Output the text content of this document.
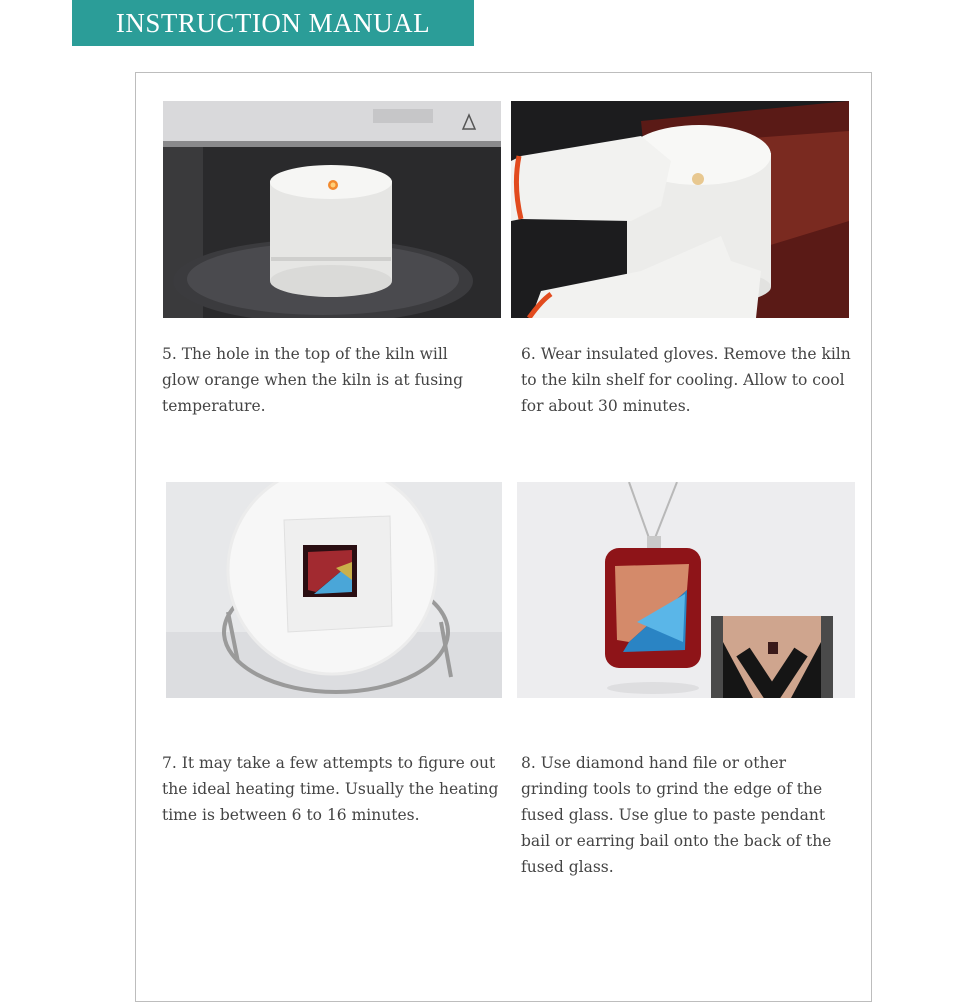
INSTRUCTION MANUAL
5. The hole in the top of the kiln will glow orange when the kiln is at fusing temperature.
6. Wear insulated gloves. Remove the kiln to the kiln shelf for cooling. Allow to cool for about 30 minutes.
7. It may take a few attempts to figure out the ideal heating time. Usually the heating time is between 6 to 16 minutes.
8. Use diamond hand file or other grinding tools to grind the edge of the fused glass. Use glue to paste pendant bail or earring bail onto the back of the fused glass.
